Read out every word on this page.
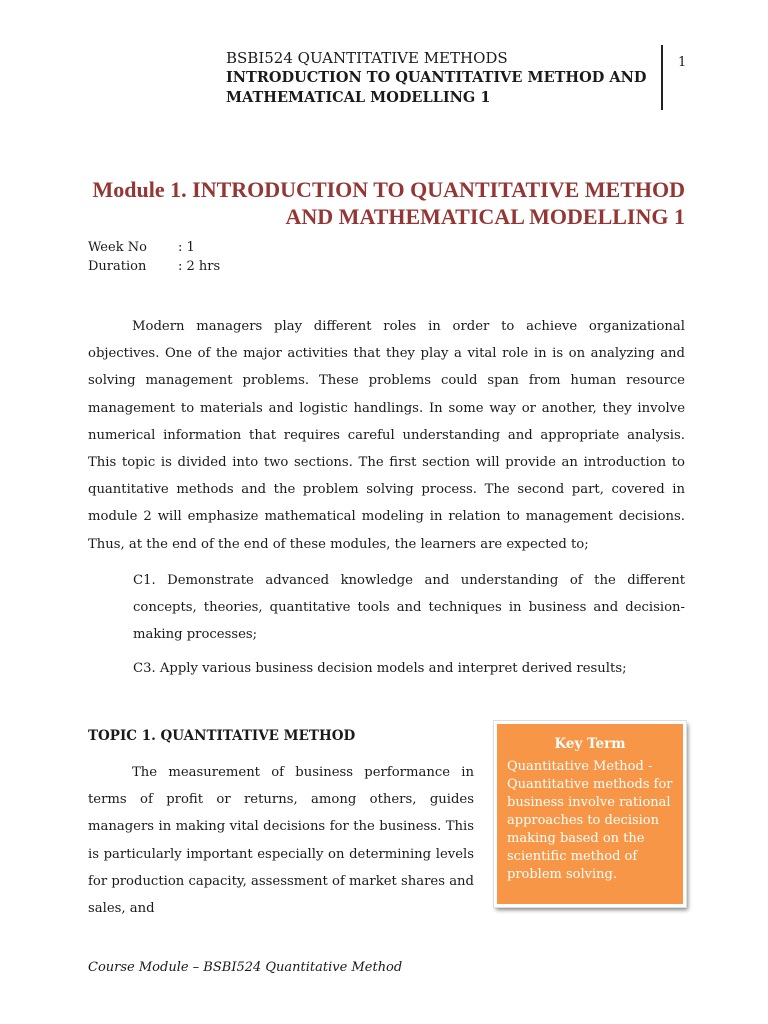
BSBI524 QUANTITATIVE METHODS
INTRODUCTION TO QUANTITATIVE METHOD AND
MATHEMATICAL MODELLING 1
1
Module 1. INTRODUCTION TO QUANTITATIVE METHOD
AND MATHEMATICAL MODELLING 1
Week No	: 1
Duration	: 2 hrs
Modern managers play different roles in order to achieve organizational objectives. One of the major activities that they play a vital role in is on analyzing and solving management problems. These problems could span from human resource management to materials and logistic handlings. In some way or another, they involve numerical information that requires careful understanding and appropriate analysis. This topic is divided into two sections. The first section will provide an introduction to quantitative methods and the problem solving process. The second part, covered in module 2 will emphasize mathematical modeling in relation to management decisions. Thus, at the end of the end of these modules, the learners are expected to;
C1. Demonstrate advanced knowledge and understanding of the different concepts, theories, quantitative tools and techniques in business and decision-making processes;
C3. Apply various business decision models and interpret derived results;
TOPIC 1. QUANTITATIVE METHOD
The measurement of business performance in terms of profit or returns, among others, guides managers in making vital decisions for the business. This is particularly important especially on determining levels for production capacity, assessment of market shares and sales, and
Key Term

Quantitative Method - Quantitative methods for business involve rational approaches to decision making based on the scientific method of problem solving.

Course Module – BSBI524 Quantitative Method
